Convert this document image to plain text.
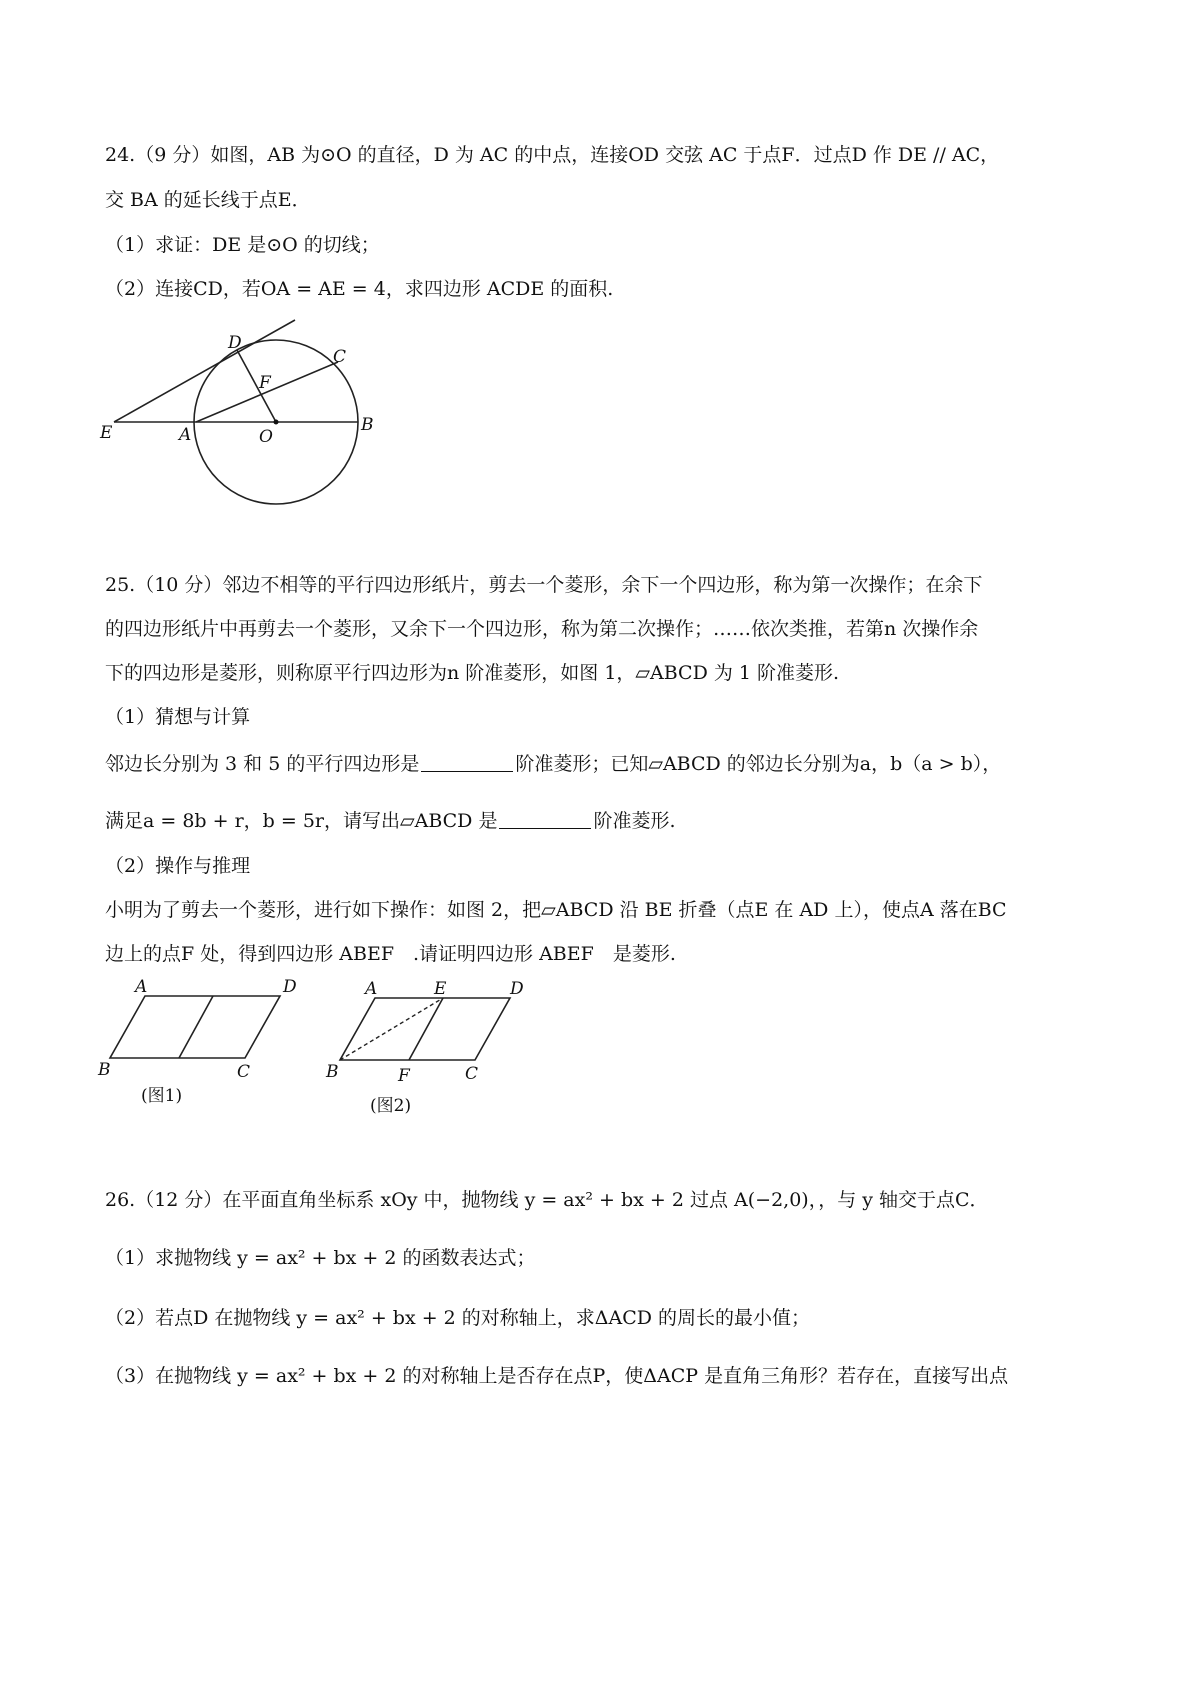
24.（9 分）如图，AB 为⊙O 的直径，D 为 AC 的中点，连接OD 交弦 AC 于点F．过点D 作 DE // AC，
交 BA 的延长线于点E．
（1）求证：DE 是⊙O 的切线；
（2）连接CD，若OA = AE = 4，求四边形 ACDE 的面积.
D
C
F
E	A	O
B
25.（10 分）邻边不相等的平行四边形纸片，剪去一个菱形，余下一个四边形，称为第一次操作；在余下
的四边形纸片中再剪去一个菱形，又余下一个四边形，称为第二次操作；……依次类推，若第n 次操作余
下的四边形是菱形，则称原平行四边形为n 阶准菱形，如图 1，▱ABCD 为 1 阶准菱形.
（1）猜想与计算
邻边长分别为 3 和 5 的平行四边形是	阶准菱形；已知▱ABCD 的邻边长分别为a，b（a > b），
满足a = 8b + r，b = 5r，请写出▱ABCD 是	阶准菱形.
（2）操作与推理
小明为了剪去一个菱形，进行如下操作：如图 2，把▱ABCD 沿 BE 折叠（点E 在 AD 上），使点A 落在BC
边上的点F 处，得到四边形 ABEF　.请证明四边形 ABEF　是菱形.
A	D
B	C
(图1)
A	E	D
B	F	C
(图2)
26.（12 分）在平面直角坐标系 xOy 中，抛物线 y = ax² + bx + 2 过点 A(−2,0)，，与 y 轴交于点C．
（1）求抛物线 y = ax² + bx + 2 的函数表达式；
（2）若点D 在抛物线 y = ax² + bx + 2 的对称轴上，求ΔACD 的周长的最小值；
（3）在抛物线 y = ax² + bx + 2 的对称轴上是否存在点P，使ΔACP 是直角三角形？若存在，直接写出点
